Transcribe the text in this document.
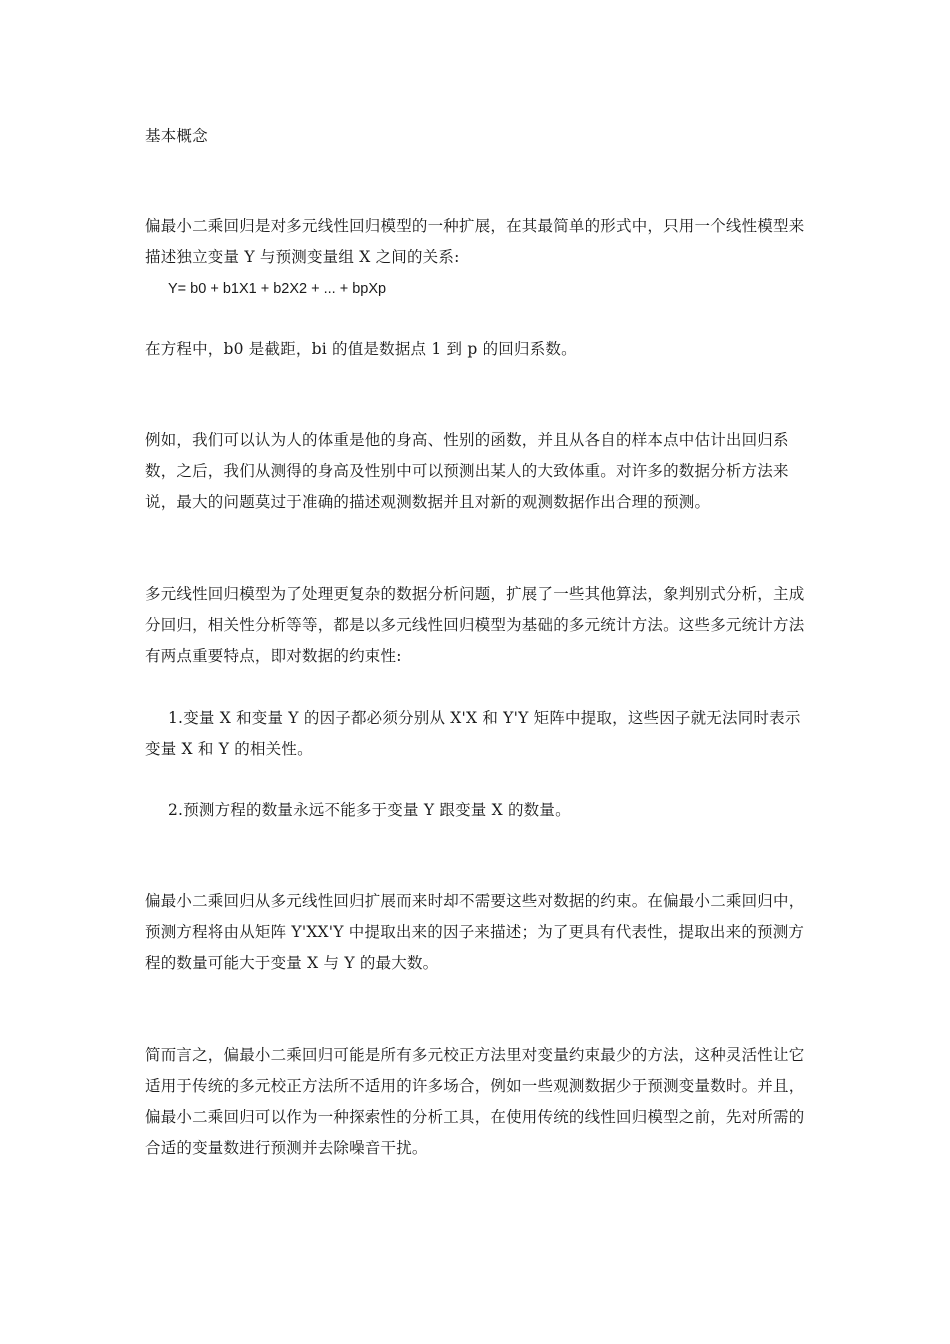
基本概念

偏最小二乘回归是对多元线性回归模型的一种扩展，在其最简单的形式中，只用一个线性模型来描述独立变量 Y 与预测变量组 X 之间的关系:

Y= b0 + b1X1 + b2X2 + ... + bpXp

在方程中，b0 是截距，bi 的值是数据点 1 到 p 的回归系数。

例如，我们可以认为人的体重是他的身高、性别的函数，并且从各自的样本点中估计出回归系数，之后，我们从测得的身高及性别中可以预测出某人的大致体重。对许多的数据分析方法来说，最大的问题莫过于准确的描述观测数据并且对新的观测数据作出合理的预测。

多元线性回归模型为了处理更复杂的数据分析问题，扩展了一些其他算法，象判别式分析，主成分回归，相关性分析等等，都是以多元线性回归模型为基础的多元统计方法。这些多元统计方法有两点重要特点，即对数据的约束性:

1.变量 X 和变量 Y 的因子都必须分别从 X'X 和 Y'Y 矩阵中提取，这些因子就无法同时表示变量 X 和 Y 的相关性。

2.预测方程的数量永远不能多于变量 Y 跟变量 X 的数量。

偏最小二乘回归从多元线性回归扩展而来时却不需要这些对数据的约束。在偏最小二乘回归中，预测方程将由从矩阵 Y'XX'Y 中提取出来的因子来描述；为了更具有代表性，提取出来的预测方程的数量可能大于变量 X 与 Y 的最大数。

简而言之，偏最小二乘回归可能是所有多元校正方法里对变量约束最少的方法，这种灵活性让它适用于传统的多元校正方法所不适用的许多场合，例如一些观测数据少于预测变量数时。并且，偏最小二乘回归可以作为一种探索性的分析工具，在使用传统的线性回归模型之前，先对所需的合适的变量数进行预测并去除噪音干扰。
